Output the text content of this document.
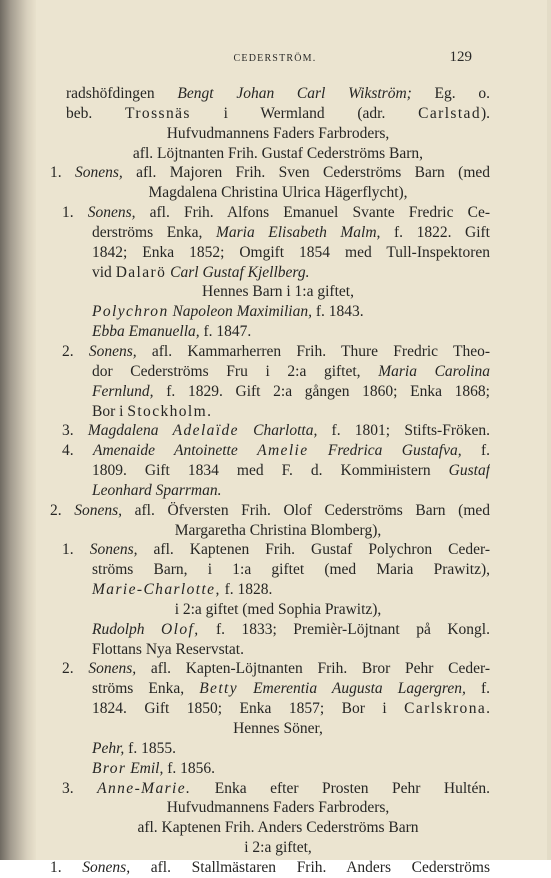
CEDERSTRÖM.	129
radshöfdingen Bengt Johan Carl Wikström; Eg. o.
beb. Trossnäs i Wermland (adr. Carlstad).
Hufvudmannens Faders Farbroders,
afl. Löjtnanten Frih. Gustaf Cederströms Barn,
1. Sonens, afl. Majoren Frih. Sven Cederströms Barn (med
Magdalena Christina Ulrica Hägerflycht),
1. Sonens, afl. Frih. Alfons Emanuel Svante Fredric Ce-
derströms Enka, Maria Elisabeth Malm, f. 1822. Gift
1842; Enka 1852; Omgift 1854 med Tull-Inspektoren
vid Dalarö Carl Gustaf Kjellberg.
Hennes Barn i 1:a giftet,
Polychron Napoleon Maximilian, f. 1843.
Ebba Emanuella, f. 1847.
2. Sonens, afl. Kammarherren Frih. Thure Fredric Theo-
dor Cederströms Fru i 2:a giftet, Maria Carolina
Fernlund, f. 1829. Gift 2:a gången 1860; Enka 1868;
Bor i Stockholm.
3. Magdalena Adelaïde Charlotta, f. 1801; Stifts-Fröken.
4. Amenaide Antoinette Amelie Fredrica Gustafva, f.
1809. Gift 1834 med F. d. Kommінistern Gustaf
Leonhard Sparrman.
2. Sonens, afl. Öfversten Frih. Olof Cederströms Barn (med
Margaretha Christina Blomberg),
1. Sonens, afl. Kaptenen Frih. Gustaf Polychron Ceder-
ströms Barn, i 1:a giftet (med Maria Prawitz),
Marie-Charlotte, f. 1828.
i 2:a giftet (med Sophia Prawitz),
Rudolph Olof, f. 1833; Premièr-Löjtnant på Kongl.
Flottans Nya Reservstat.
2. Sonens, afl. Kapten-Löjtnanten Frih. Bror Pehr Ceder-
ströms Enka, Betty Emerentia Augusta Lagergren, f.
1824. Gift 1850; Enka 1857; Bor i Carlskrona.
Hennes Söner,
Pehr, f. 1855.
Bror Emil, f. 1856.
3. Anne-Marie. Enka efter Prosten Pehr Hultén.
Hufvudmannens Faders Farbroders,
afl. Kaptenen Frih. Anders Cederströms Barn
i 2:a giftet,
1. Sonens, afl. Stallmästaren Frih. Anders Cederströms
